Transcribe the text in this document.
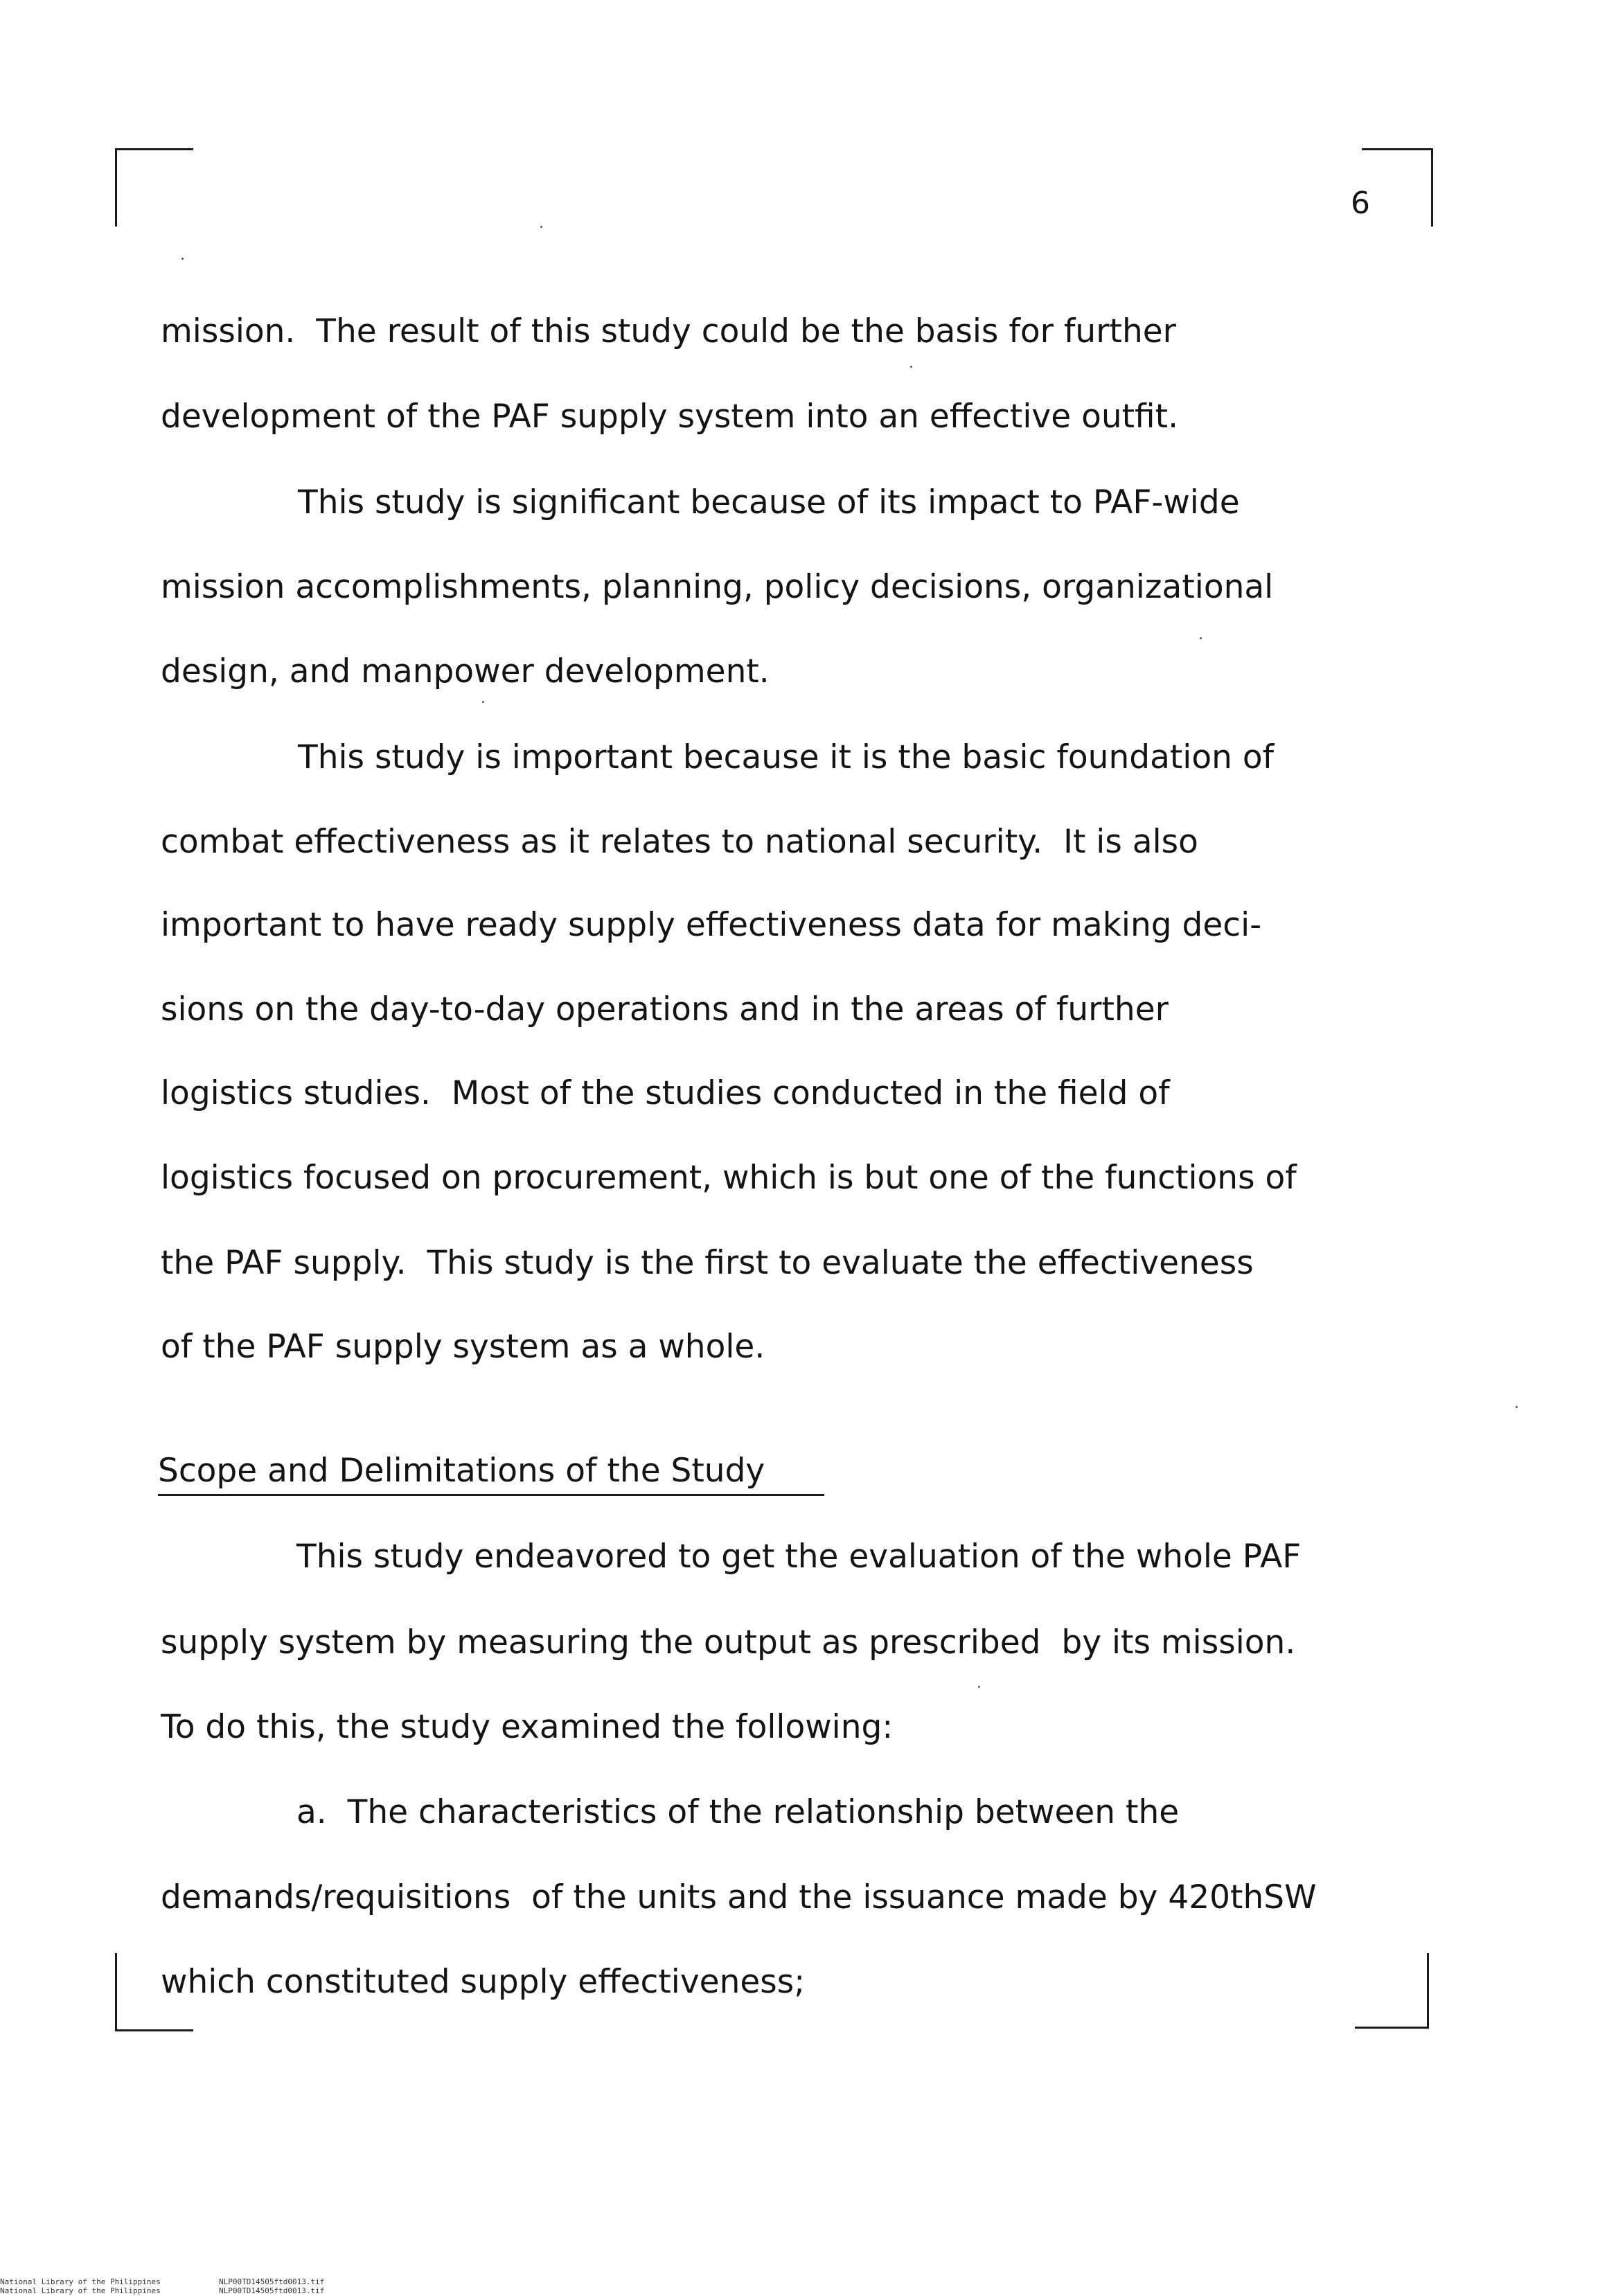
6
mission.  The result of this study could be the basis for further
development of the PAF supply system into an effective outfit.
This study is significant because of its impact to PAF-wide
mission accomplishments, planning, policy decisions, organizational
design, and manpower development.
This study is important because it is the basic foundation of
combat effectiveness as it relates to national security.  It is also
important to have ready supply effectiveness data for making deci-
sions on the day-to-day operations and in the areas of further
logistics studies.  Most of the studies conducted in the field of
logistics focused on procurement, which is but one of the functions of
the PAF supply.  This study is the first to evaluate the effectiveness
of the PAF supply system as a whole.
Scope and Delimitations of the Study
This study endeavored to get the evaluation of the whole PAF
supply system by measuring the output as prescribed  by its mission.
To do this, the study examined the following:
a.  The characteristics of the relationship between the
demands/requisitions  of the units and the issuance made by 420thSW
which constituted supply effectiveness;
National Library of the Philippines
National Library of the Philippines
NLP00TD14505ftd0013.tif
NLP00TD14505ftd0013.tif
